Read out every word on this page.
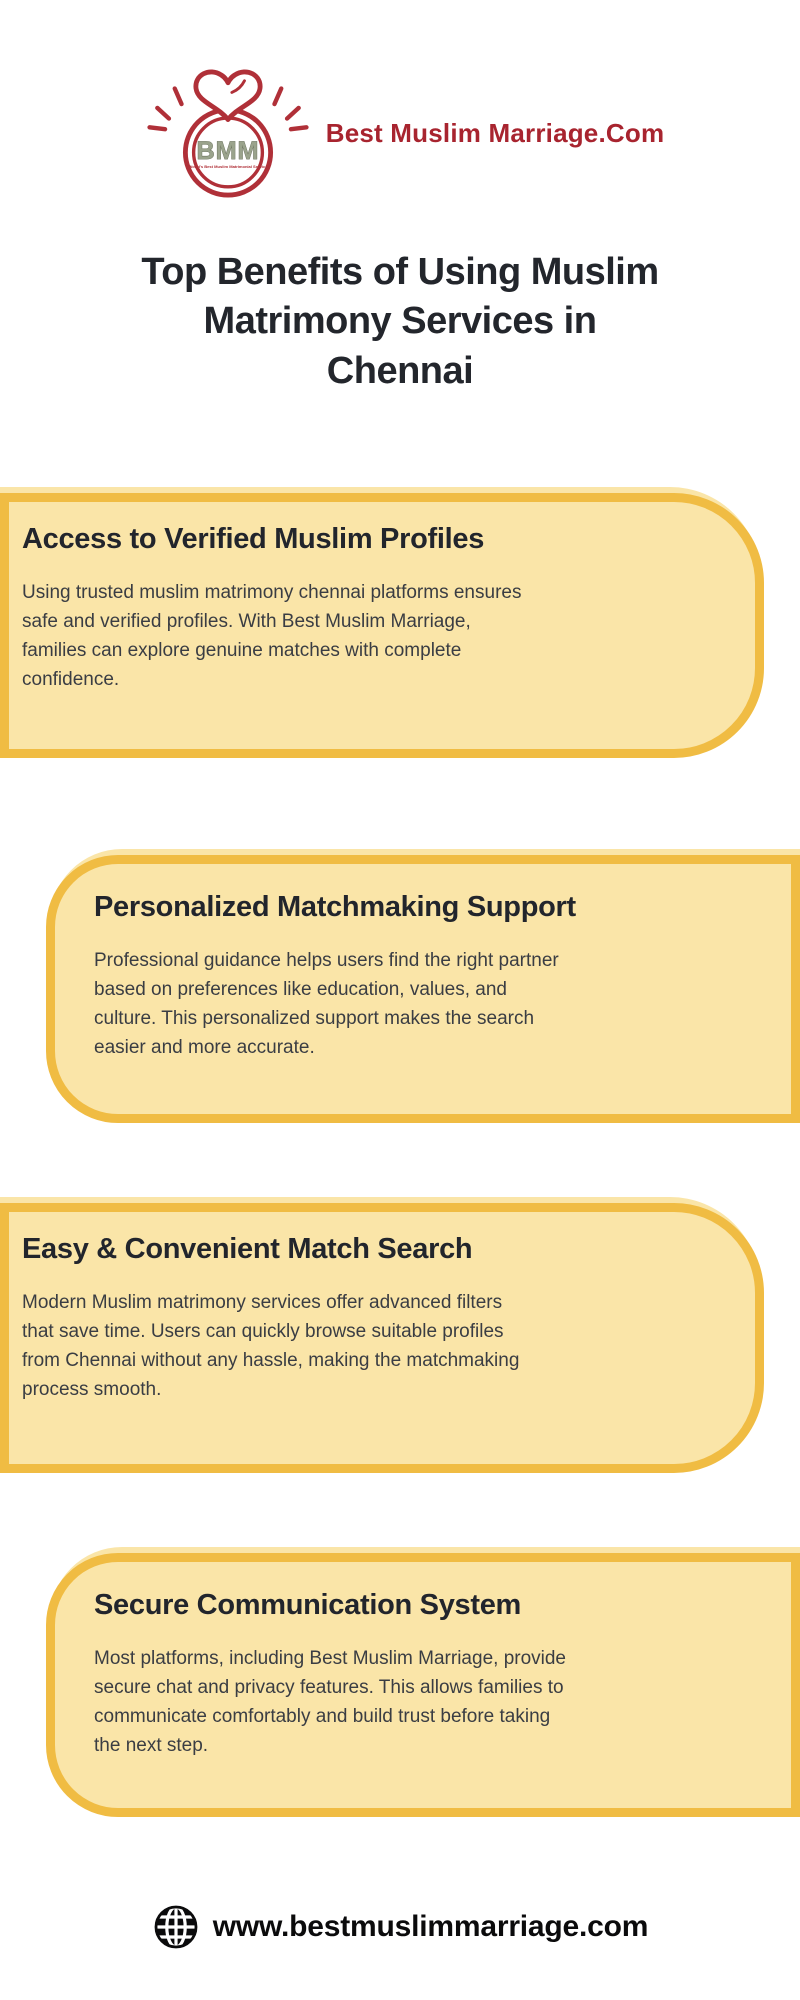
BMM
World's Best Muslim Matrimonial Service
Best Muslim Marriage.Com
Top Benefits of Using Muslim
Matrimony Services in
Chennai
Access to Verified Muslim Profiles

Using trusted muslim matrimony chennai platforms ensures
safe and verified profiles. With Best Muslim Marriage,
families can explore genuine matches with complete
confidence.

Personalized Matchmaking Support

Professional guidance helps users find the right partner
based on preferences like education, values, and
culture. This personalized support makes the search
easier and more accurate.

Easy & Convenient Match Search

Modern Muslim matrimony services offer advanced filters
that save time. Users can quickly browse suitable profiles
from Chennai without any hassle, making the matchmaking
process smooth.

Secure Communication System

Most platforms, including Best Muslim Marriage, provide
secure chat and privacy features. This allows families to
communicate comfortably and build trust before taking
the next step.

www.bestmuslimmarriage.com
